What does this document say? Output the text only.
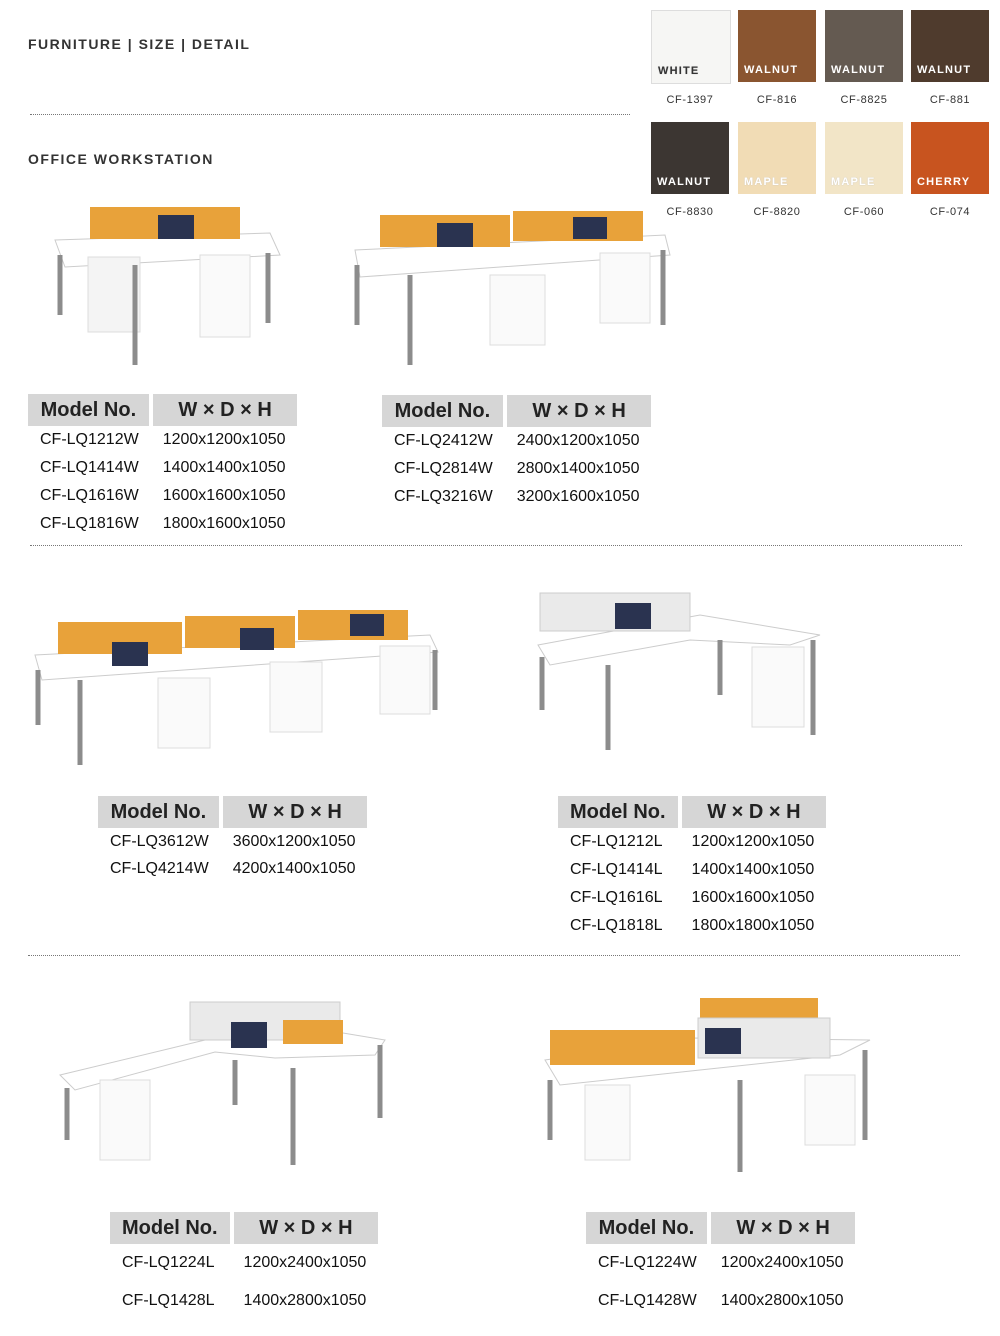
FURNITURE | SIZE | DETAIL
OFFICE WORKSTATION
WHITE
CF-1397
WALNUT
CF-816
WALNUT
CF-8825
WALNUT
CF-881
WALNUT
CF-8830
MAPLE
CF-8820
MAPLE
CF-060
CHERRY
CF-074
Model No.	W × D × H
CF-LQ1212W	1200x1200x1050
CF-LQ1414W	1400x1400x1050
CF-LQ1616W	1600x1600x1050
CF-LQ1816W	1800x1600x1050
Model No.	W × D × H
CF-LQ2412W	2400x1200x1050
CF-LQ2814W	2800x1400x1050
CF-LQ3216W	3200x1600x1050
Model No.	W × D × H
CF-LQ3612W	3600x1200x1050
CF-LQ4214W	4200x1400x1050
Model No.	W × D × H
CF-LQ1212L	1200x1200x1050
CF-LQ1414L	1400x1400x1050
CF-LQ1616L	1600x1600x1050
CF-LQ1818L	1800x1800x1050
Model No.	W × D × H
CF-LQ1224L	1200x2400x1050
CF-LQ1428L	1400x2800x1050
Model No.	W × D × H
CF-LQ1224W	1200x2400x1050
CF-LQ1428W	1400x2800x1050
